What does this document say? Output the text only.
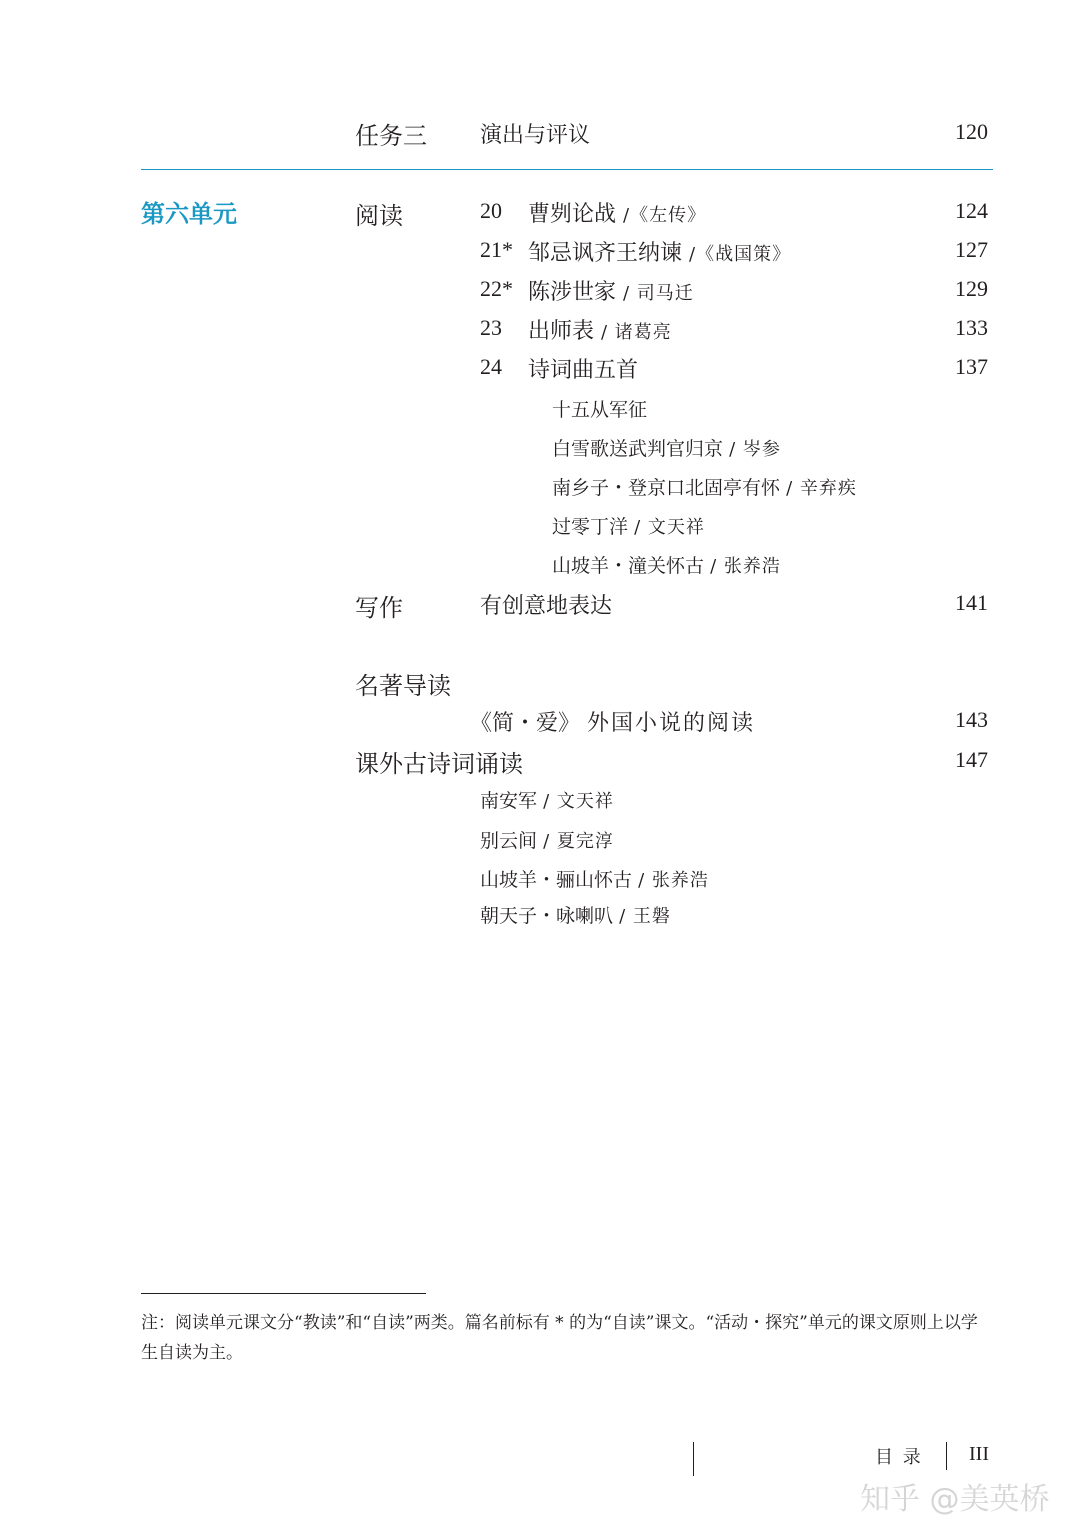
任务三 演出与评议	120
第六单元	阅读	20 曹刿论战 /《左传》	124
21* 邹忌讽齐王纳谏 /《战国策》	127
22* 陈涉世家 / 司马迁	129
23 出师表 / 诸葛亮	133
24 诗词曲五首	137
十五从军征
白雪歌送武判官归京 / 岑参
南乡子・登京口北固亭有怀 / 辛弃疾
过零丁洋 / 文天祥
山坡羊・潼关怀古 / 张养浩
写作	有创意地表达	141
名著导读
《简・爱》 外国小说的阅读	143
课外古诗词诵读	147
南安军 / 文天祥
别云间 / 夏完淳
山坡羊・骊山怀古 / 张养浩
朝天子・咏喇叭 / 王磐
注：阅读单元课文分“教读”和“自读”两类。篇名前标有 * 的为“自读”课文。“活动・探究”单元的课文原则上以学生自读为主。
目 录 III
知乎 @美英桥
